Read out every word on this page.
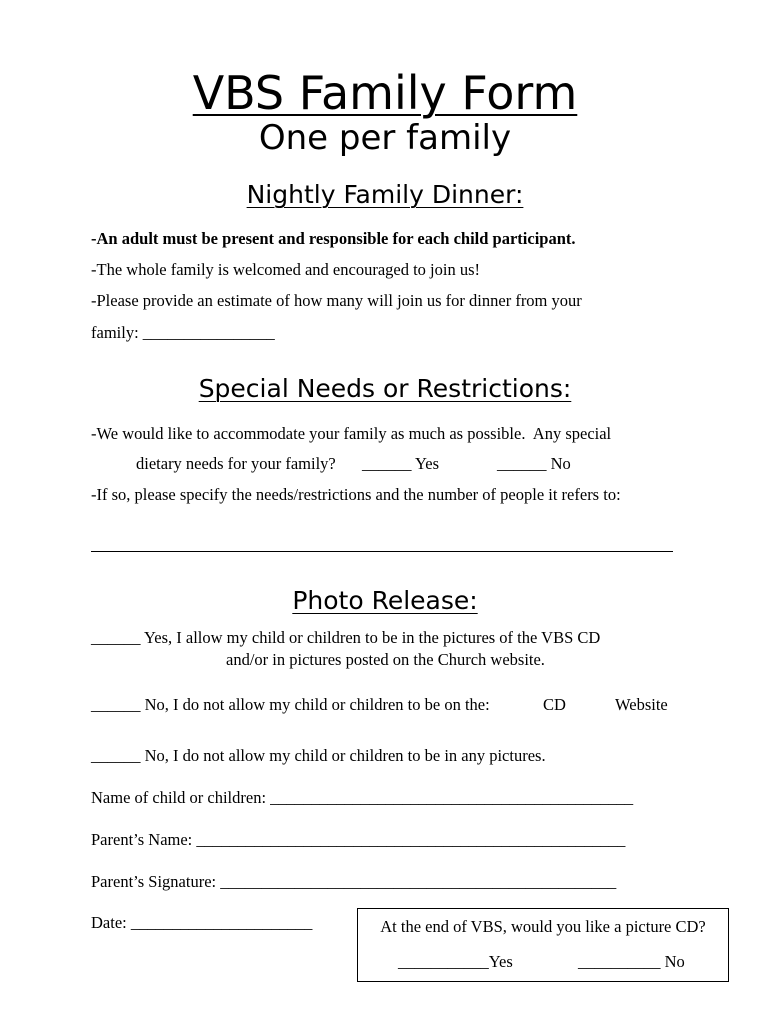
VBS Family Form
One per family
Nightly Family Dinner:
-An adult must be present and responsible for each child participant.
-The whole family is welcomed and encouraged to join us!
-Please provide an estimate of how many will join us for dinner from your
family: ________________
Special Needs or Restrictions:
-We would like to accommodate your family as much as possible.  Any special
dietary needs for your family? ______ Yes	______ No
-If so, please specify the needs/restrictions and the number of people it refers to:
Photo Release:
______ Yes, I allow my child or children to be in the pictures of the VBS CD
and/or in pictures posted on the Church website.
______ No, I do not allow my child or children to be on the:	CD	Website
______ No, I do not allow my child or children to be in any pictures.
Name of child or children: ____________________________________________
Parent’s Name: ____________________________________________________
Parent’s Signature: ________________________________________________
Date: ______________________	At the end of VBS, would you like a picture CD?
___________Yes	__________ No
